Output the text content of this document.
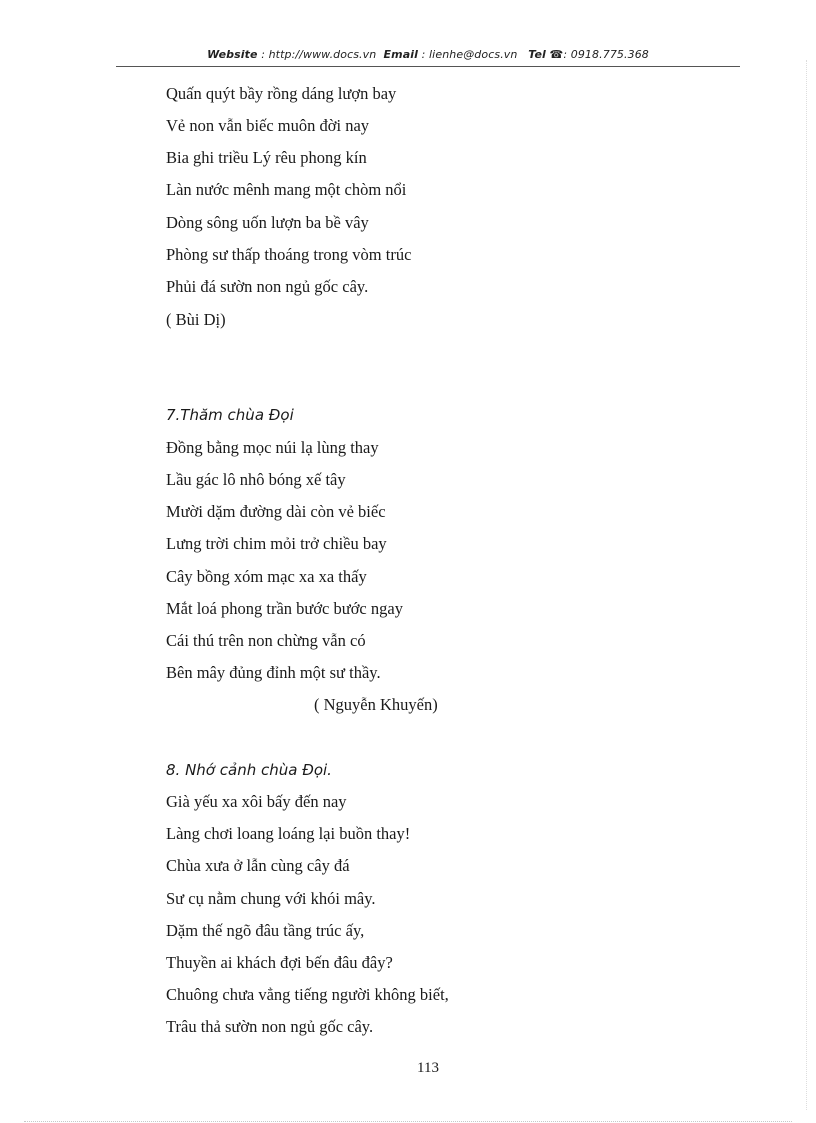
Website : http://www.docs.vn Email : lienhe@docs.vn Tel ☎: 0918.775.368
Quấn quýt bầy rồng dáng lượn bay
Vẻ non vẫn biếc muôn đời nay
Bia ghi triều Lý rêu phong kín
Làn nước mênh mang một chòm nổi
Dòng sông uốn lượn ba bề vây
Phòng sư thấp thoáng trong vòm trúc
Phủi đá sườn non ngủ gốc cây.
( Bùi Dị)
7.Thăm chùa Đọi
Đồng bằng mọc núi lạ lùng thay
Lầu gác lô nhô bóng xế tây
Mười dặm đường dài còn vẻ biếc
Lưng trời chim mỏi trở chiều bay
Cây bồng xóm mạc xa xa thấy
Mắt loá phong trần bước bước ngay
Cái thú trên non chừng vẫn có
Bên mây đủng đỉnh một sư thầy.
( Nguyễn Khuyến)
8. Nhớ cảnh chùa Đọi.
Già yếu xa xôi bấy đến nay
Làng chơi loang loáng lại buồn thay!
Chùa xưa ở lẫn cùng cây đá
Sư cụ nằm chung với khói mây.
Dặm thế ngõ đâu tầng trúc ấy,
Thuyền ai khách đợi bến đâu đây?
Chuông chưa vẳng tiếng người không biết,
Trâu thả sườn non ngủ gốc cây.
113
